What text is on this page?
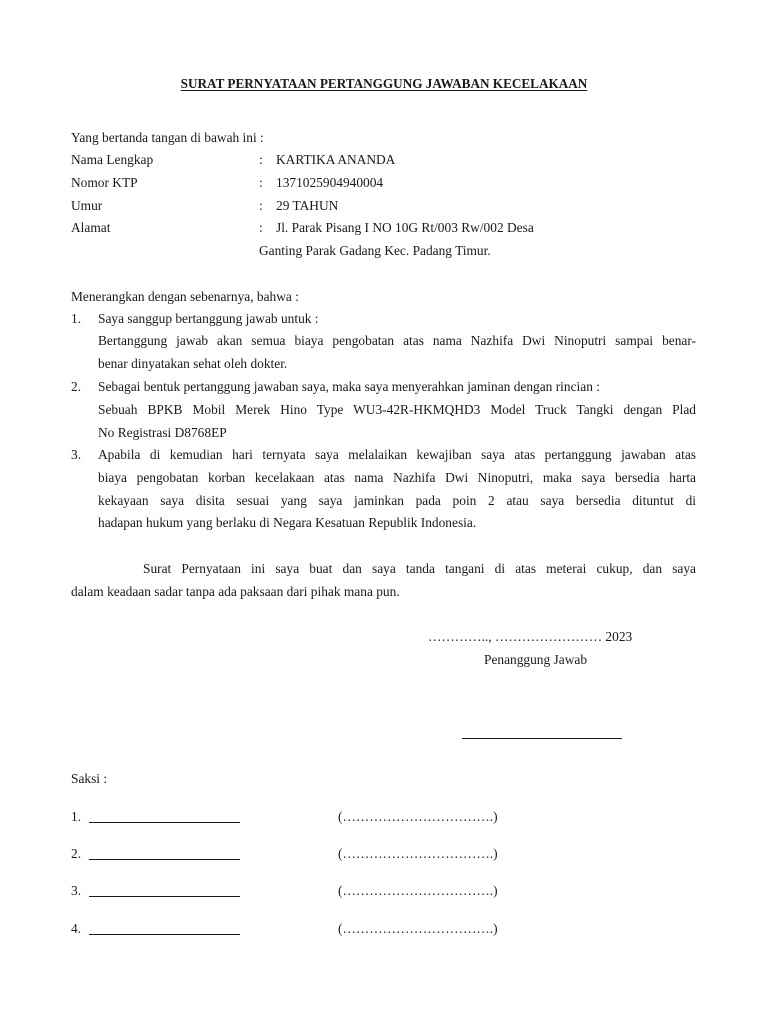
SURAT PERNYATAAN PERTANGGUNG JAWABAN KECELAKAAN
Yang bertanda tangan di bawah ini :
Nama Lengkap	: KARTIKA ANANDA
Nomor KTP	: 1371025904940004
Umur	: 29 TAHUN
Alamat	: Jl. Parak Pisang I NO 10G Rt/003 Rw/002 Desa
Ganting Parak Gadang Kec. Padang Timur.
Menerangkan dengan sebenarnya, bahwa :
1. Saya sanggup bertanggung jawab untuk :
Bertanggung jawab akan semua biaya pengobatan atas nama Nazhifa Dwi Ninoputri sampai benar-
benar dinyatakan sehat oleh dokter.
2. Sebagai bentuk pertanggung jawaban saya, maka saya menyerahkan jaminan dengan rincian :
Sebuah BPKB Mobil Merek Hino Type WU3-42R-HKMQHD3 Model Truck Tangki dengan Plad
No Registrasi D8768EP
3. Apabila di kemudian hari ternyata saya melalaikan kewajiban saya atas pertanggung jawaban atas
biaya pengobatan korban kecelakaan atas nama Nazhifa Dwi Ninoputri, maka saya bersedia harta
kekayaan saya disita sesuai yang saya jaminkan pada poin 2 atau saya bersedia dituntut di
hadapan hukum yang berlaku di Negara Kesatuan Republik Indonesia.
Surat Pernyataan ini saya buat dan saya tanda tangani di atas meterai cukup, dan saya
dalam keadaan sadar tanpa ada paksaan dari pihak mana pun.
………….., …………………… 2023
Penanggung Jawab
Saksi :
1.	(…………………………….)
2.	(…………………………….)
3.	(…………………………….)
4.	(…………………………….)
